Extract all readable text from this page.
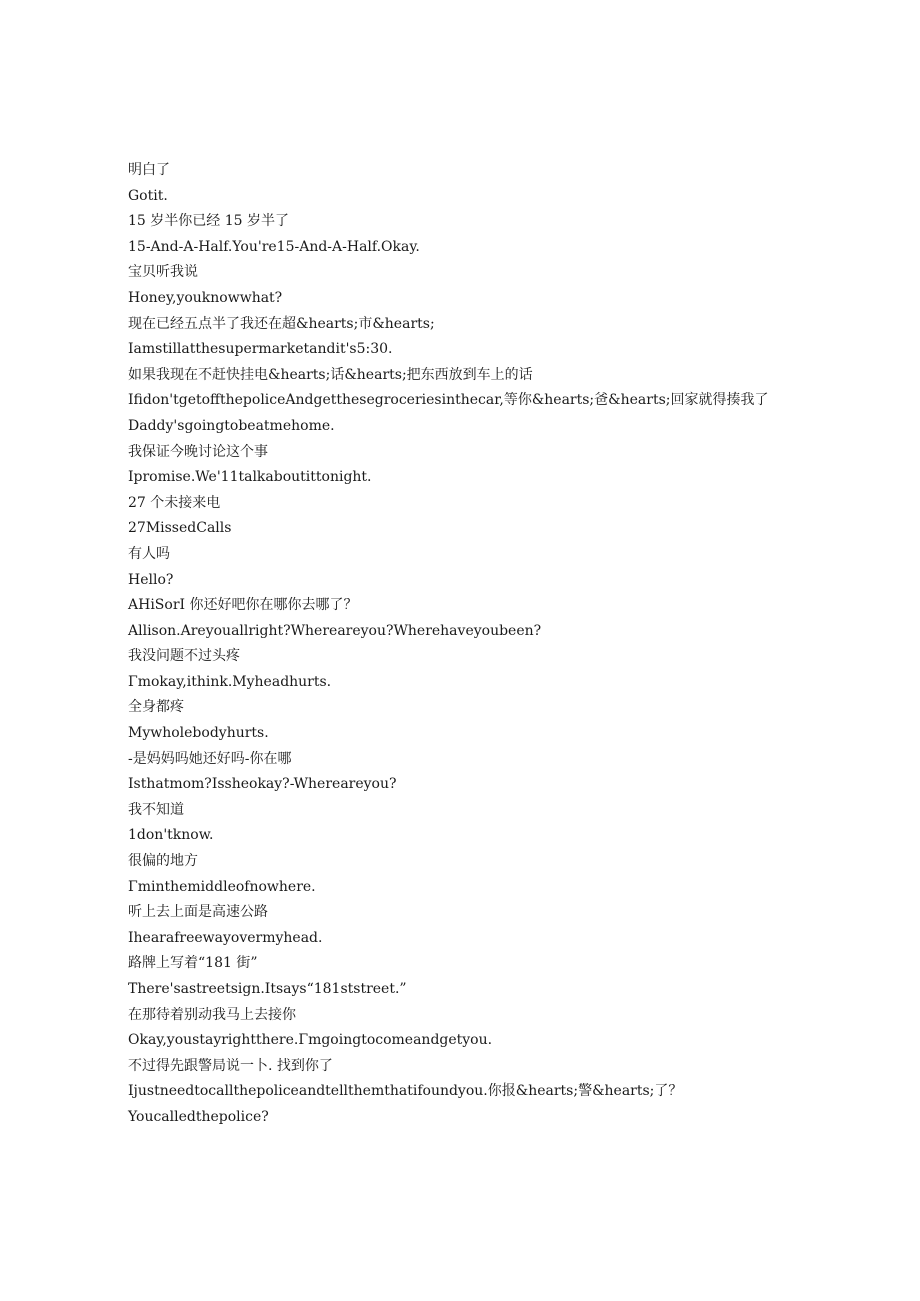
明白了
Gotit.
15 岁半你已经 15 岁半了
15-And-A-Half.You're15-And-A-Half.Okay.
宝贝听我说
Honey,youknowwhat?
现在已经五点半了我还在超&hearts;市&hearts;
Iamstillatthesupermarketandit's5:30.
如果我现在不赶快挂电&hearts;话&hearts;把东西放到车上的话
Ifidon'tgetoffthepoliceAndgetthesegroceriesinthecar,等你&hearts;爸&hearts;回家就得揍我了
Daddy'sgoingtobeatmehome.
我保证今晚讨论这个事
Ipromise.We'11talkaboutittonight.
27 个未接来电
27MissedCalls
有人吗
Hello?
AHiSorI 你还好吧你在哪你去哪了？
Allison.Areyouallright?Whereareyou?Wherehaveyoubeen?
我没问题不过头疼
Γmokay,ithink.Myheadhurts.
全身都疼
Mywholebodyhurts.
-是妈妈吗她还好吗-你在哪
Isthatmom?Issheokay?-Whereareyou?
我不知道
1don'tknow.
很偏的地方
Γminthemiddleofnowhere.
听上去上面是高速公路
Ihearafreewayovermyhead.
路牌上写着“181 街”
There'sastreetsign.Itsays“181ststreet.”
在那待着别动我马上去接你
Okay,youstayrightthere.Γmgoingtocomeandgetyou.
不过得先跟警局说一卜. 找到你了
Ijustneedtocallthepoliceandtellthemthatifoundyou.你报&hearts;警&hearts;了？
Youcalledthepolice?
